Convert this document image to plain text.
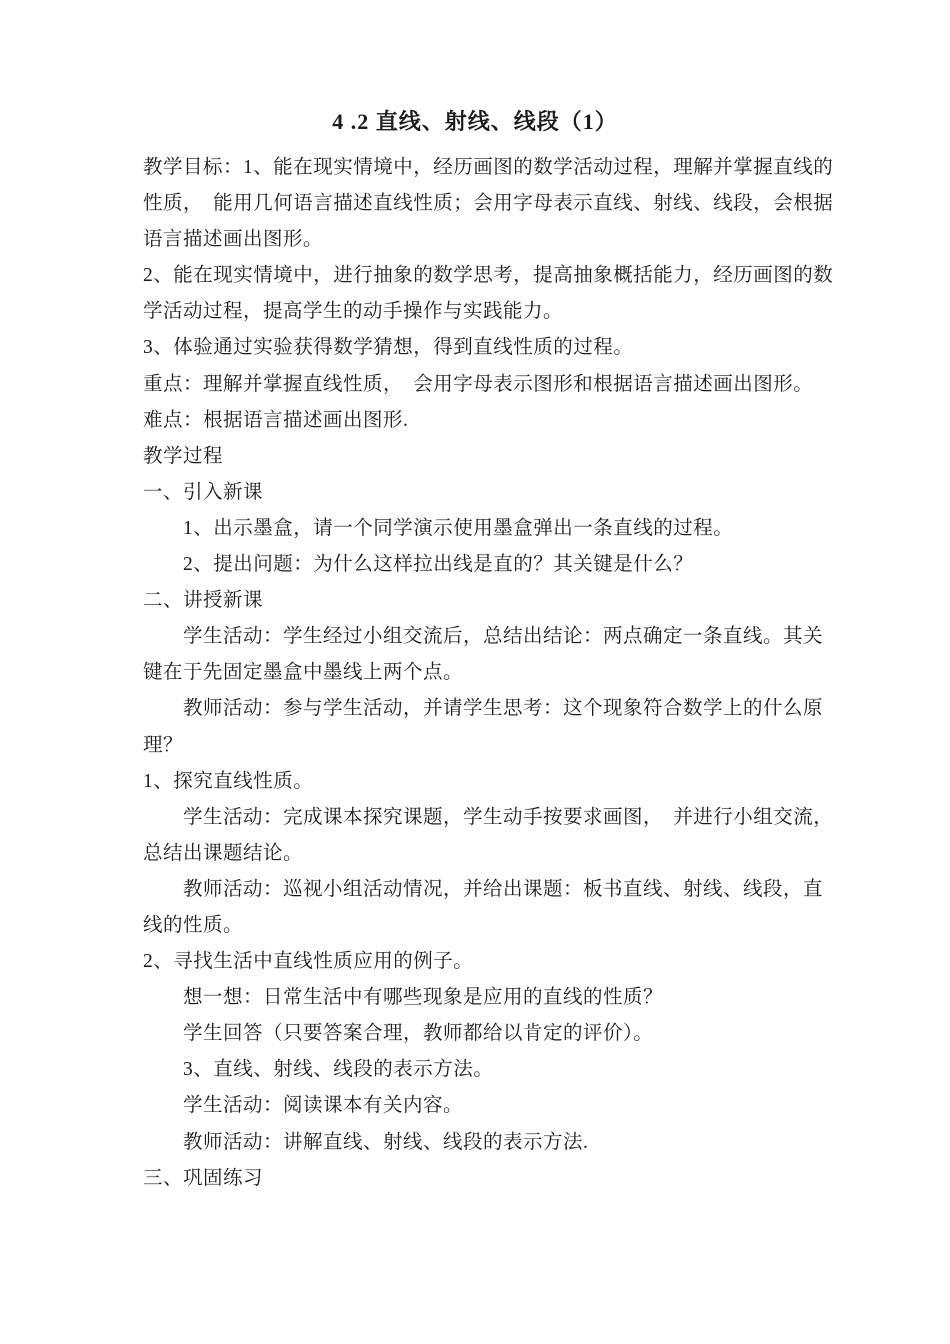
4 .2 直线、射线、线段（1）
教学目标：1、能在现实情境中，经历画图的数学活动过程，理解并掌握直线的
性质，　能用几何语言描述直线性质；会用字母表示直线、射线、线段，会根据
语言描述画出图形。
2、能在现实情境中，进行抽象的数学思考，提高抽象概括能力，经历画图的数
学活动过程，提高学生的动手操作与实践能力。
3、体验通过实验获得数学猜想，得到直线性质的过程。
重点：理解并掌握直线性质，　会用字母表示图形和根据语言描述画出图形。
难点：根据语言描述画出图形.
教学过程
一、引入新课
1、出示墨盒，请一个同学演示使用墨盒弹出一条直线的过程。
2、提出问题：为什么这样拉出线是直的？其关键是什么？
二、讲授新课
学生活动：学生经过小组交流后，总结出结论：两点确定一条直线。其关
键在于先固定墨盒中墨线上两个点。
教师活动：参与学生活动，并请学生思考：这个现象符合数学上的什么原
理？
1、探究直线性质。
学生活动：完成课本探究课题，学生动手按要求画图，　并进行小组交流，
总结出课题结论。
教师活动：巡视小组活动情况，并给出课题：板书直线、射线、线段，直
线的性质。
2、寻找生活中直线性质应用的例子。
想一想：日常生活中有哪些现象是应用的直线的性质？
学生回答（只要答案合理，教师都给以肯定的评价）。
3、直线、射线、线段的表示方法。
学生活动：阅读课本有关内容。
教师活动：讲解直线、射线、线段的表示方法.
三、巩固练习
